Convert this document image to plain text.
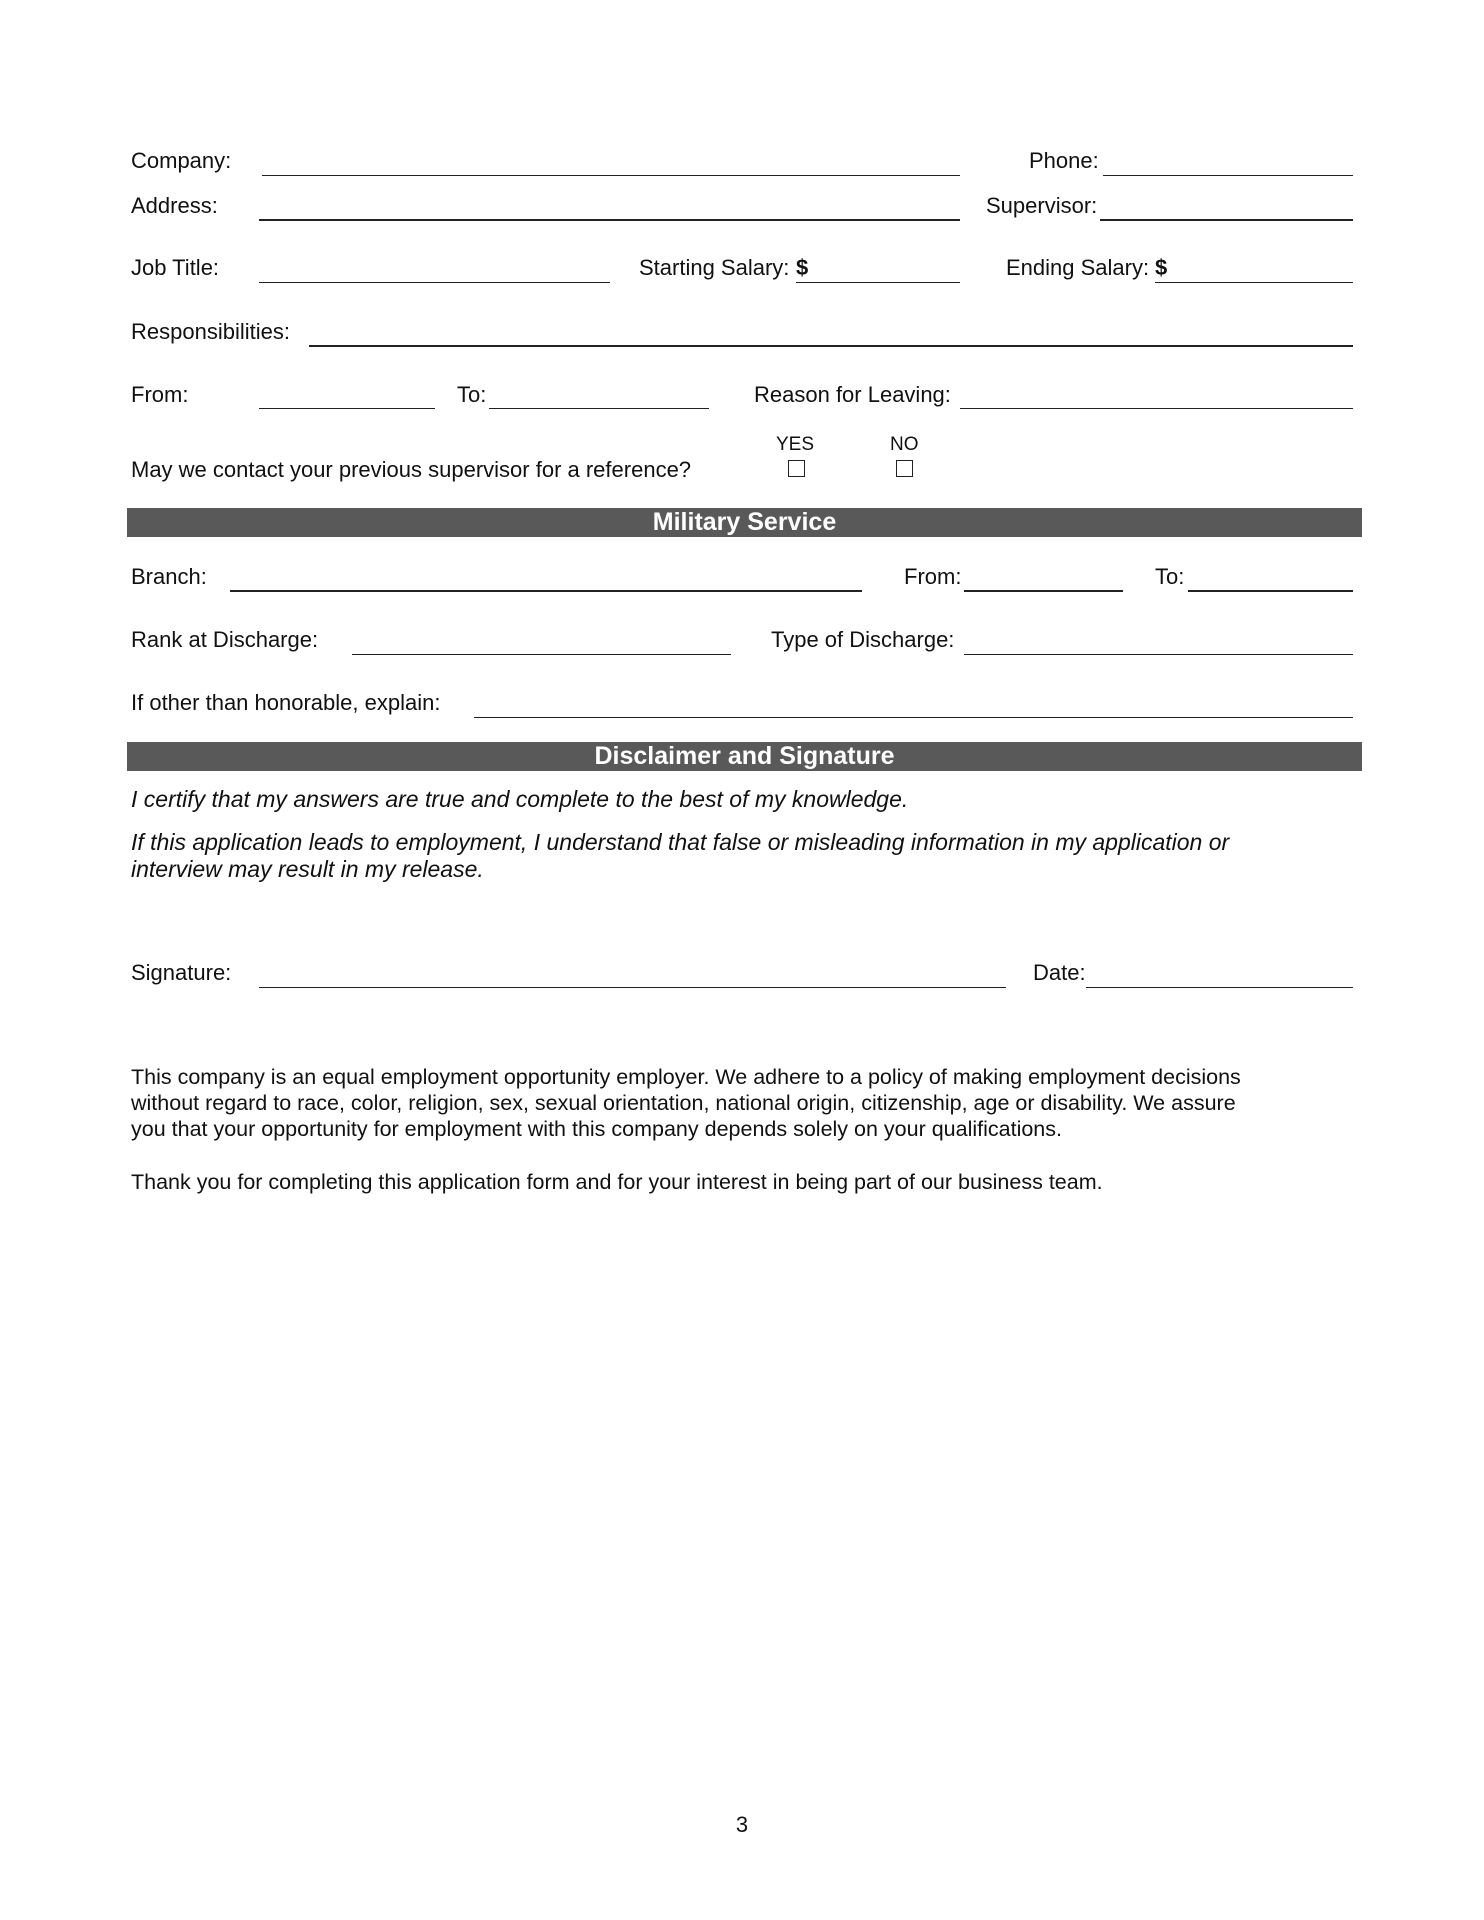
Company:	Phone:
Address:	Supervisor:
Job Title:	Starting Salary: $	Ending Salary: $
Responsibilities:
From:	To:	Reason for Leaving:
YES	NO
May we contact your previous supervisor for a reference?
Military Service
Branch:	From:	To:
Rank at Discharge:	Type of Discharge:
If other than honorable, explain:
Disclaimer and Signature
I certify that my answers are true and complete to the best of my knowledge.
If this application leads to employment, I understand that false or misleading information in my application or
interview may result in my release.
Signature:	Date:
This company is an equal employment opportunity employer. We adhere to a policy of making employment decisions
without regard to race, color, religion, sex, sexual orientation, national origin, citizenship, age or disability. We assure
you that your opportunity for employment with this company depends solely on your qualifications.
Thank you for completing this application form and for your interest in being part of our business team.
3
